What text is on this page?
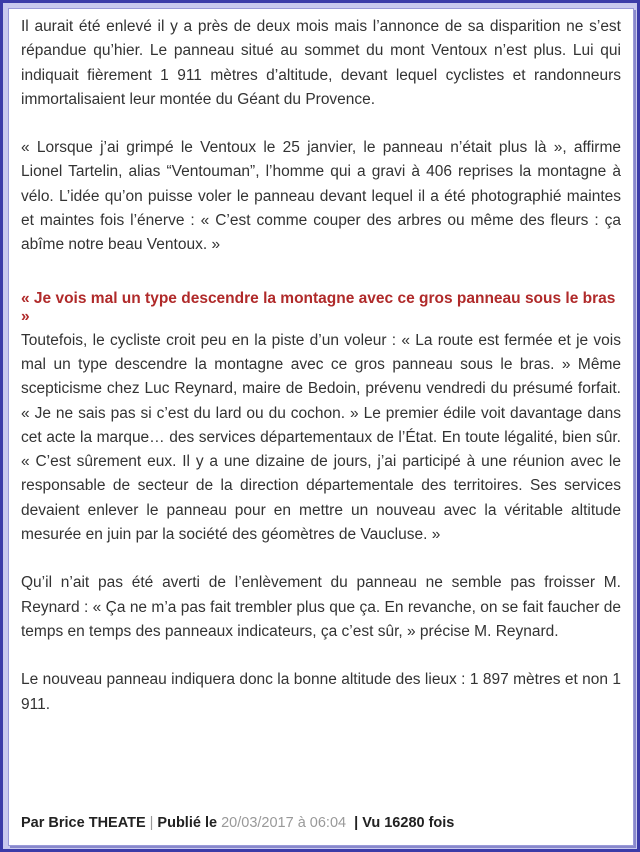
Il aurait été enlevé il y a près de deux mois mais l’annonce de sa disparition ne s’est répandue qu’hier. Le panneau situé au sommet du mont Ventoux n’est plus. Lui qui indiquait fièrement 1 911 mètres d’altitude, devant lequel cyclistes et randonneurs immortalisaient leur montée du Géant du Provence.

« Lorsque j’ai grimpé le Ventoux le 25 janvier, le panneau n’était plus là », affirme Lionel Tartelin, alias “Ventouman”, l’homme qui a gravi à 406 reprises la montagne à vélo. L’idée qu’on puisse voler le panneau devant lequel il a été photographié maintes et maintes fois l’énerve : « C’est comme couper des arbres ou même des fleurs : ça abîme notre beau Ventoux. »

« Je vois mal un type descendre la montagne avec ce gros panneau sous le bras »

Toutefois, le cycliste croit peu en la piste d’un voleur : « La route est fermée et je vois mal un type descendre la montagne avec ce gros panneau sous le bras. » Même scepticisme chez Luc Reynard, maire de Bedoin, prévenu vendredi du présumé forfait. « Je ne sais pas si c’est du lard ou du cochon. » Le premier édile voit davantage dans cet acte la marque… des services départementaux de l’État. En toute légalité, bien sûr. « C’est sûrement eux. Il y a une dizaine de jours, j’ai participé à une réunion avec le responsable de secteur de la direction départementale des territoires. Ses services devaient enlever le panneau pour en mettre un nouveau avec la véritable altitude mesurée en juin par la société des géomètres de Vaucluse. »

Qu’il n’ait pas été averti de l’enlèvement du panneau ne semble pas froisser M. Reynard : « Ça ne m’a pas fait trembler plus que ça. En revanche, on se fait faucher de temps en temps des panneaux indicateurs, ça c’est sûr, » précise M. Reynard.

Le nouveau panneau indiquera donc la bonne altitude des lieux : 1 897 mètres et non 1 911.

Par Brice THEATE | Publié le 20/03/2017 à 06:04 | Vu 16280 fois
